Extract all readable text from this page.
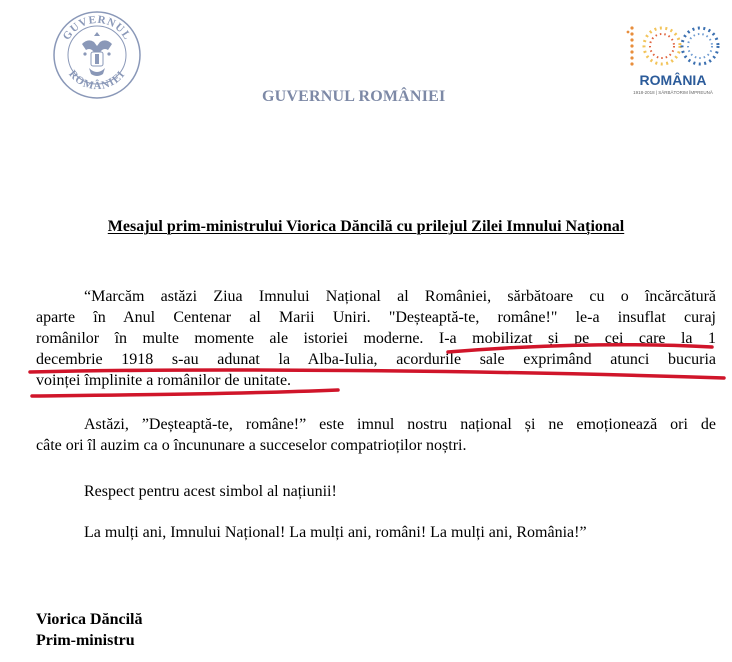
GUVERNUL
ROMÂNIEI
GUVERNUL ROMÂNIEI
ROMÂNIA
1918-2018 | SĂRBĂTORIM ÎMPREUNĂ
Mesajul prim-ministrului Viorica Dăncilă cu prilejul Zilei Imnului Național
“Marcăm astăzi Ziua Imnului Național al României, sărbătoare cu o încărcătură
aparte în Anul Centenar al Marii Uniri. "Deșteaptă-te, române!" le-a insuflat curaj
românilor în multe momente ale istoriei moderne. I-a mobilizat și pe cei care la 1
decembrie 1918 s-au adunat la Alba-Iulia, acordurile sale exprimând atunci bucuria
voinței împlinite a românilor de unitate.
Astăzi, ”Deșteaptă-te, române!” este imnul nostru național și ne emoționează ori de
câte ori îl auzim ca o încununare a succeselor compatrioților noștri.
Respect pentru acest simbol al națiunii!
La mulți ani, Imnului Național! La mulți ani, români! La mulți ani, România!”
Viorica Dăncilă
Prim-ministru
